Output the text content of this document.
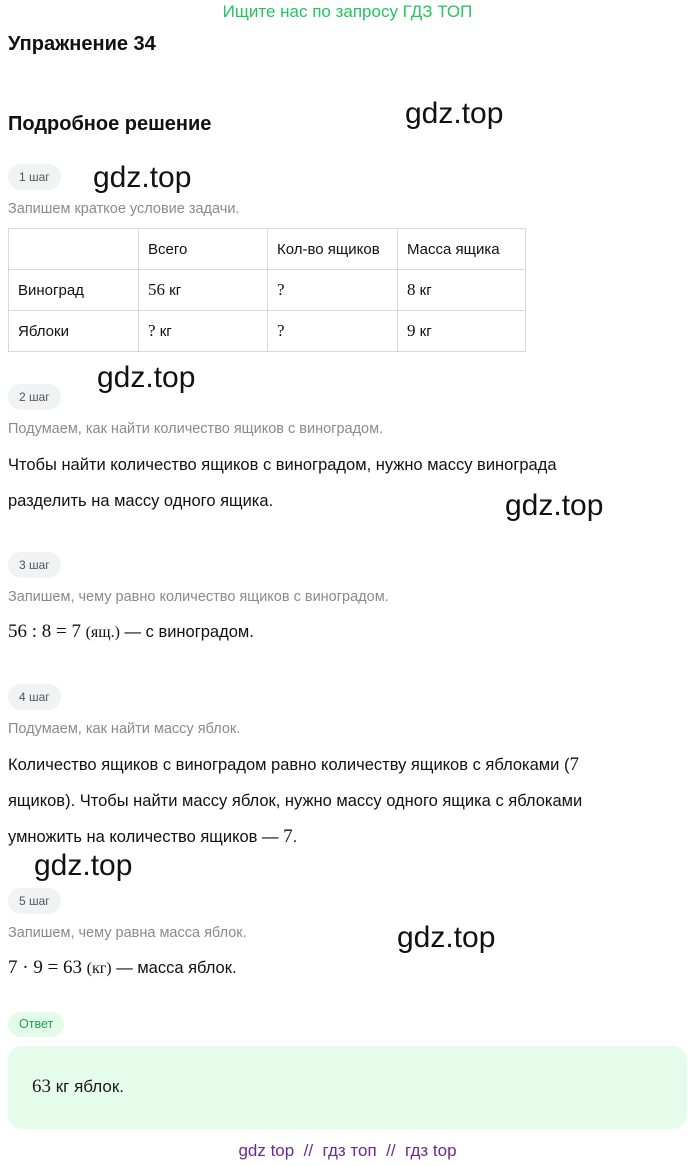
Ищите нас по запросу ГДЗ ТОП
Упражнение 34
Подробное решение	gdz.top
gdz.top
gdz.top
gdz.top
gdz.top
gdz.top
1 шаг
Запишем краткое условие задачи.
	Всего	Кол-во ящиков	Масса ящика
Виноград	56 кг	?	8 кг
Яблоки	? кг	?	9 кг
2 шаг
Подумаем, как найти количество ящиков с виноградом.
Чтобы найти количество ящиков с виноградом, нужно массу винограда
разделить на массу одного ящика.
3 шаг
Запишем, чему равно количество ящиков с виноградом.
56 : 8 = 7 (ящ.) — с виноградом.
4 шаг
Подумаем, как найти массу яблок.
Количество ящиков с виноградом равно количеству ящиков с яблоками (7
ящиков). Чтобы найти массу яблок, нужно массу одного ящика с яблоками
умножить на количество ящиков — 7.
5 шаг
Запишем, чему равна масса яблок.
7 · 9 = 63 (кг) — масса яблок.
Ответ
63 кг яблок.
gdz top  //  гдз топ  //  гдз top
